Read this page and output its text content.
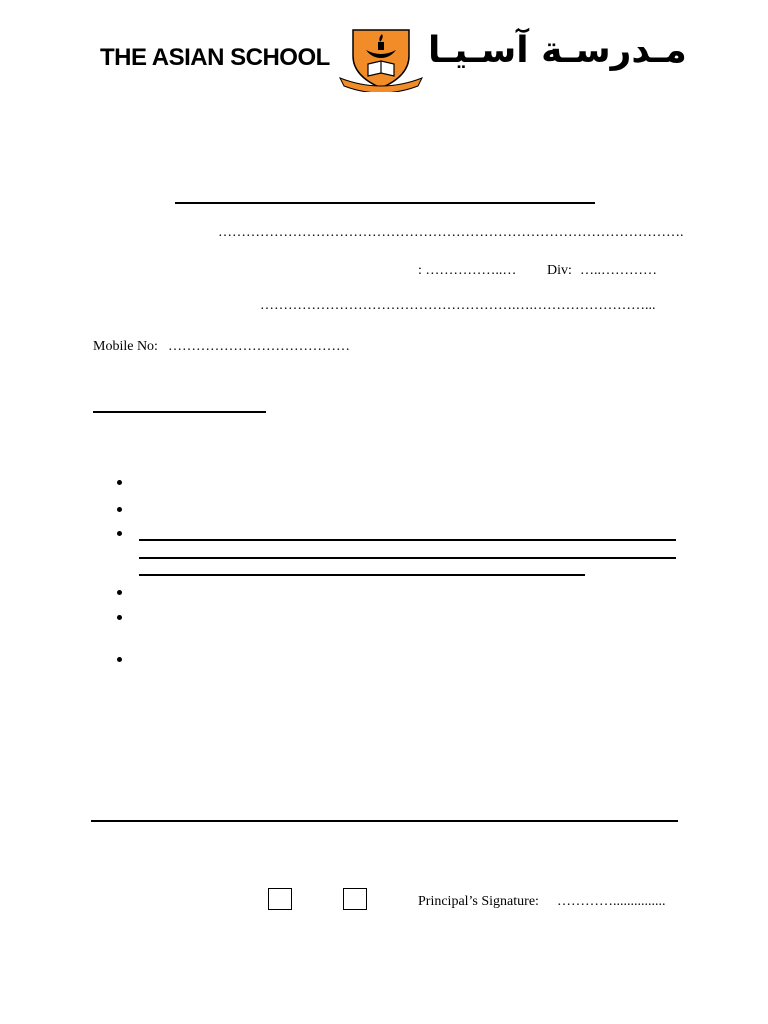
THE ASIAN SCHOOL	مـدرسـة آسـيـا
……………………………………………………………………………………….
: ……………..… Div: …..…………
……………………………………………….….……………………...
Mobile No: …………………………………
Principal’s Signature: …………...............
